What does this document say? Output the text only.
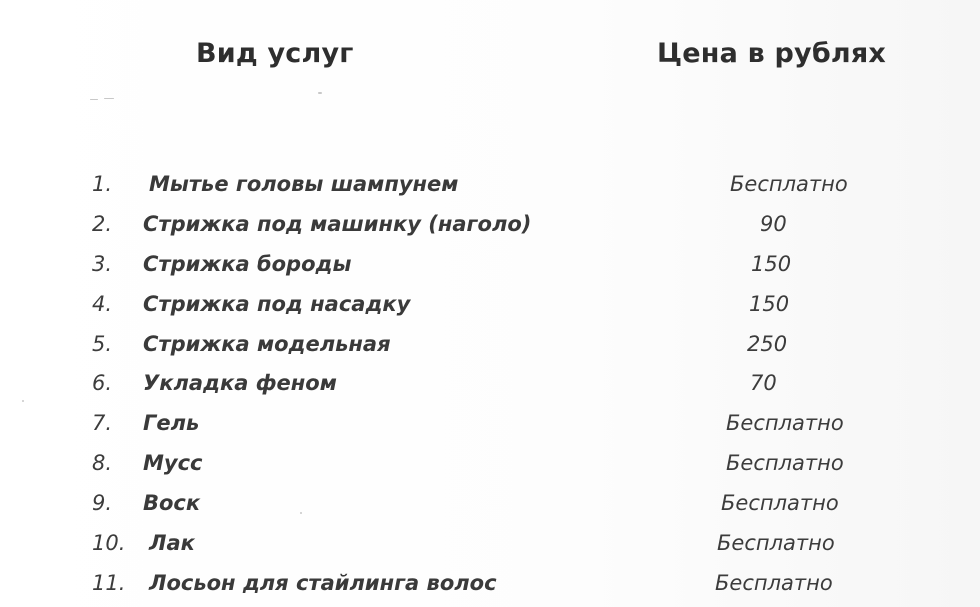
Вид услуг	Цена в рублях
1. Мытье головы шампунем	Бесплатно
2. Стрижка под машинку (наголо)	90
3. Стрижка бороды	150
4. Стрижка под насадку	150
5. Стрижка модельная	250
6. Укладка феном	70
7. Гель	Бесплатно
8. Мусс	Бесплатно
9. Воск	Бесплатно
10. Лак	Бесплатно
11. Лосьон для стайлинга волос	Бесплатно
